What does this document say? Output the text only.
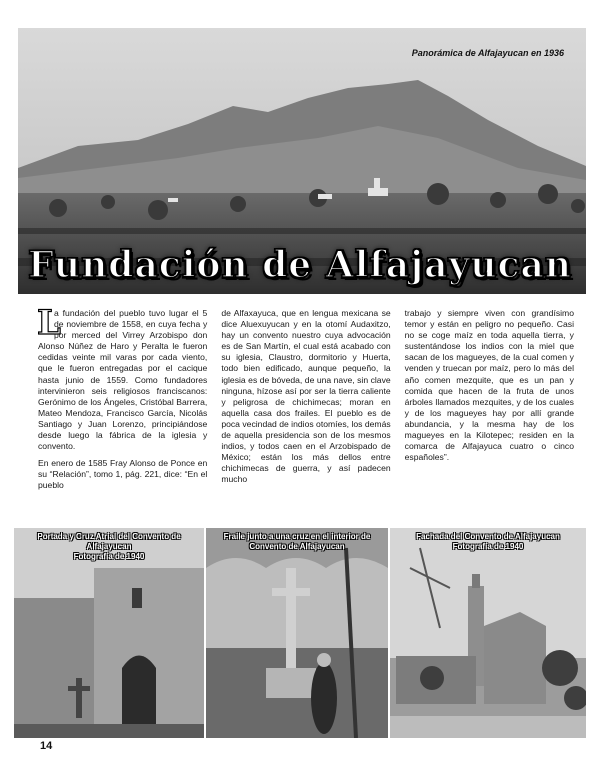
Panorámica de Alfajayucan en 1936
Fundación de Alfajayucan

L
a fundación del pueblo tuvo lugar el 5 de noviembre de 1558, en cuya fecha y por merced del Virrey Arzobispo don Alonso Núñez de Haro y Peralta le fueron cedidas veinte mil varas por cada viento, que le fueron entregadas por el cacique hasta junio de 1559. Como fundadores intervinieron seis religiosos franciscanos: Gerónimo de los Ángeles, Cristóbal Barrera, Mateo Mendoza, Francisco García, Nicolás Santiago y Juan Lorenzo, principiándose desde luego la fábrica de la iglesia y convento.

En enero de 1585 Fray Alonso de Ponce en su “Relación”, tomo 1, pág. 221, dice: “En el pueblo

de Alfaxayuca, que en lengua mexicana se dice Aluexuyucan y en la otomí Audaxitzo, hay un convento nuestro cuya advocación es de San Martín, el cual está acabado con su iglesia, Claustro, dormitorio y Huerta, todo bien edificado, aunque pequeño, la iglesia es de bóveda, de una nave, sin clave ninguna, hízose así por ser la tierra caliente y peligrosa de chichimecas; moran en aquella casa dos frailes. El pueblo es de poca vecindad de indios otomíes, los demás de aquella presidencia son de los mesmos indios, y todos caen en el Arzobispado de México; están los más dellos entre chichimecas de guerra, y así padecen mucho

trabajo y siempre viven con grandísimo temor y están en peligro no pequeño. Casi no se coge maíz en toda aquella tierra, y sustentándose los indios con la miel que sacan de los magueyes, de la cual comen y venden y truecan por maíz, pero lo más del año comen mezquite, que es un pan y comida que hacen de la fruta de unos árboles llamados mezquites, y de los cuales y de los magueyes hay por allí grande abundancia, y la mesma hay de los magueyes en la Kilotepec; residen en la comarca de Alfajayuca cuatro o cinco españoles”.

Portada y Cruz Atrial del Convento de Alfajayucan
Fotografía de 1940
Fraile junto a una cruz en el interior de
Convento de Alfajayucan
Fachada del Convento de Alfajayucan
Fotografía de 1940
14
